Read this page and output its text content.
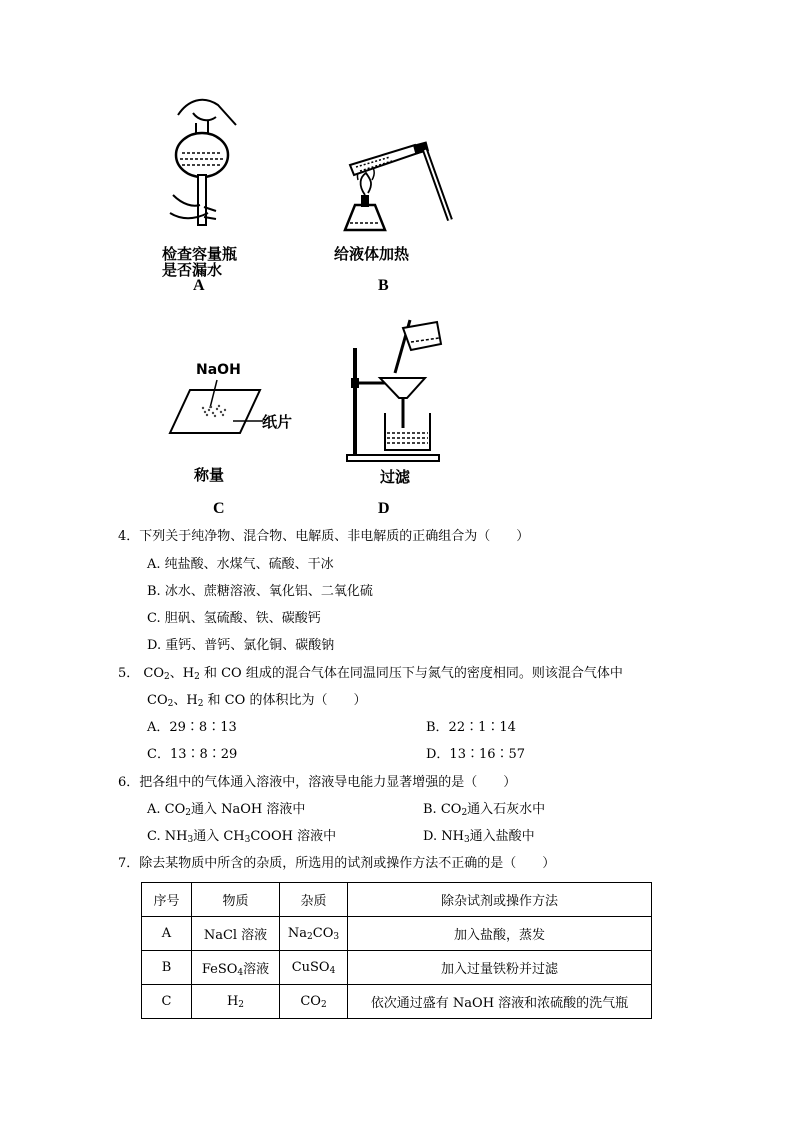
检查容量瓶
是否漏水
A
给液体加热
B
NaOH
纸片
称量
C
过滤
D
4．下列关于纯净物、混合物、电解质、非电解质的正确组合为（　　）
A. 纯盐酸、水煤气、硫酸、干冰
B. 冰水、蔗糖溶液、氧化铝、二氧化硫
C. 胆矾、氢硫酸、铁、碳酸钙
D. 重钙、普钙、氯化铜、碳酸钠
5． $CO_2$、$H_2$ 和 CO 组成的混合气体在同温同压下与氮气的密度相同。则该混合气体中
$CO_2$、$H_2$ 和 CO 的体积比为（　　）
A．29∶8∶13	B．22∶1∶14
C．13∶8∶29	D．13∶16∶57
6．把各组中的气体通入溶液中，溶液导电能力显著增强的是（　　）
A. $CO_2$通入 NaOH 溶液中	B. $CO_2$通入石灰水中
C. $NH_3$通入 $CH_3COOH$ 溶液中	D. $NH_3$通入盐酸中
7．除去某物质中所含的杂质，所选用的试剂或操作方法不正确的是（　　）
序号	物质	杂质	除杂试剂或操作方法
A	NaCl 溶液	$Na_2CO_3$	加入盐酸，蒸发
B	FeSO$_4$溶液	CuSO$_4$	加入过量铁粉并过滤
C	$H_2$	$CO_2$	依次通过盛有 NaOH 溶液和浓硫酸的洗气瓶
